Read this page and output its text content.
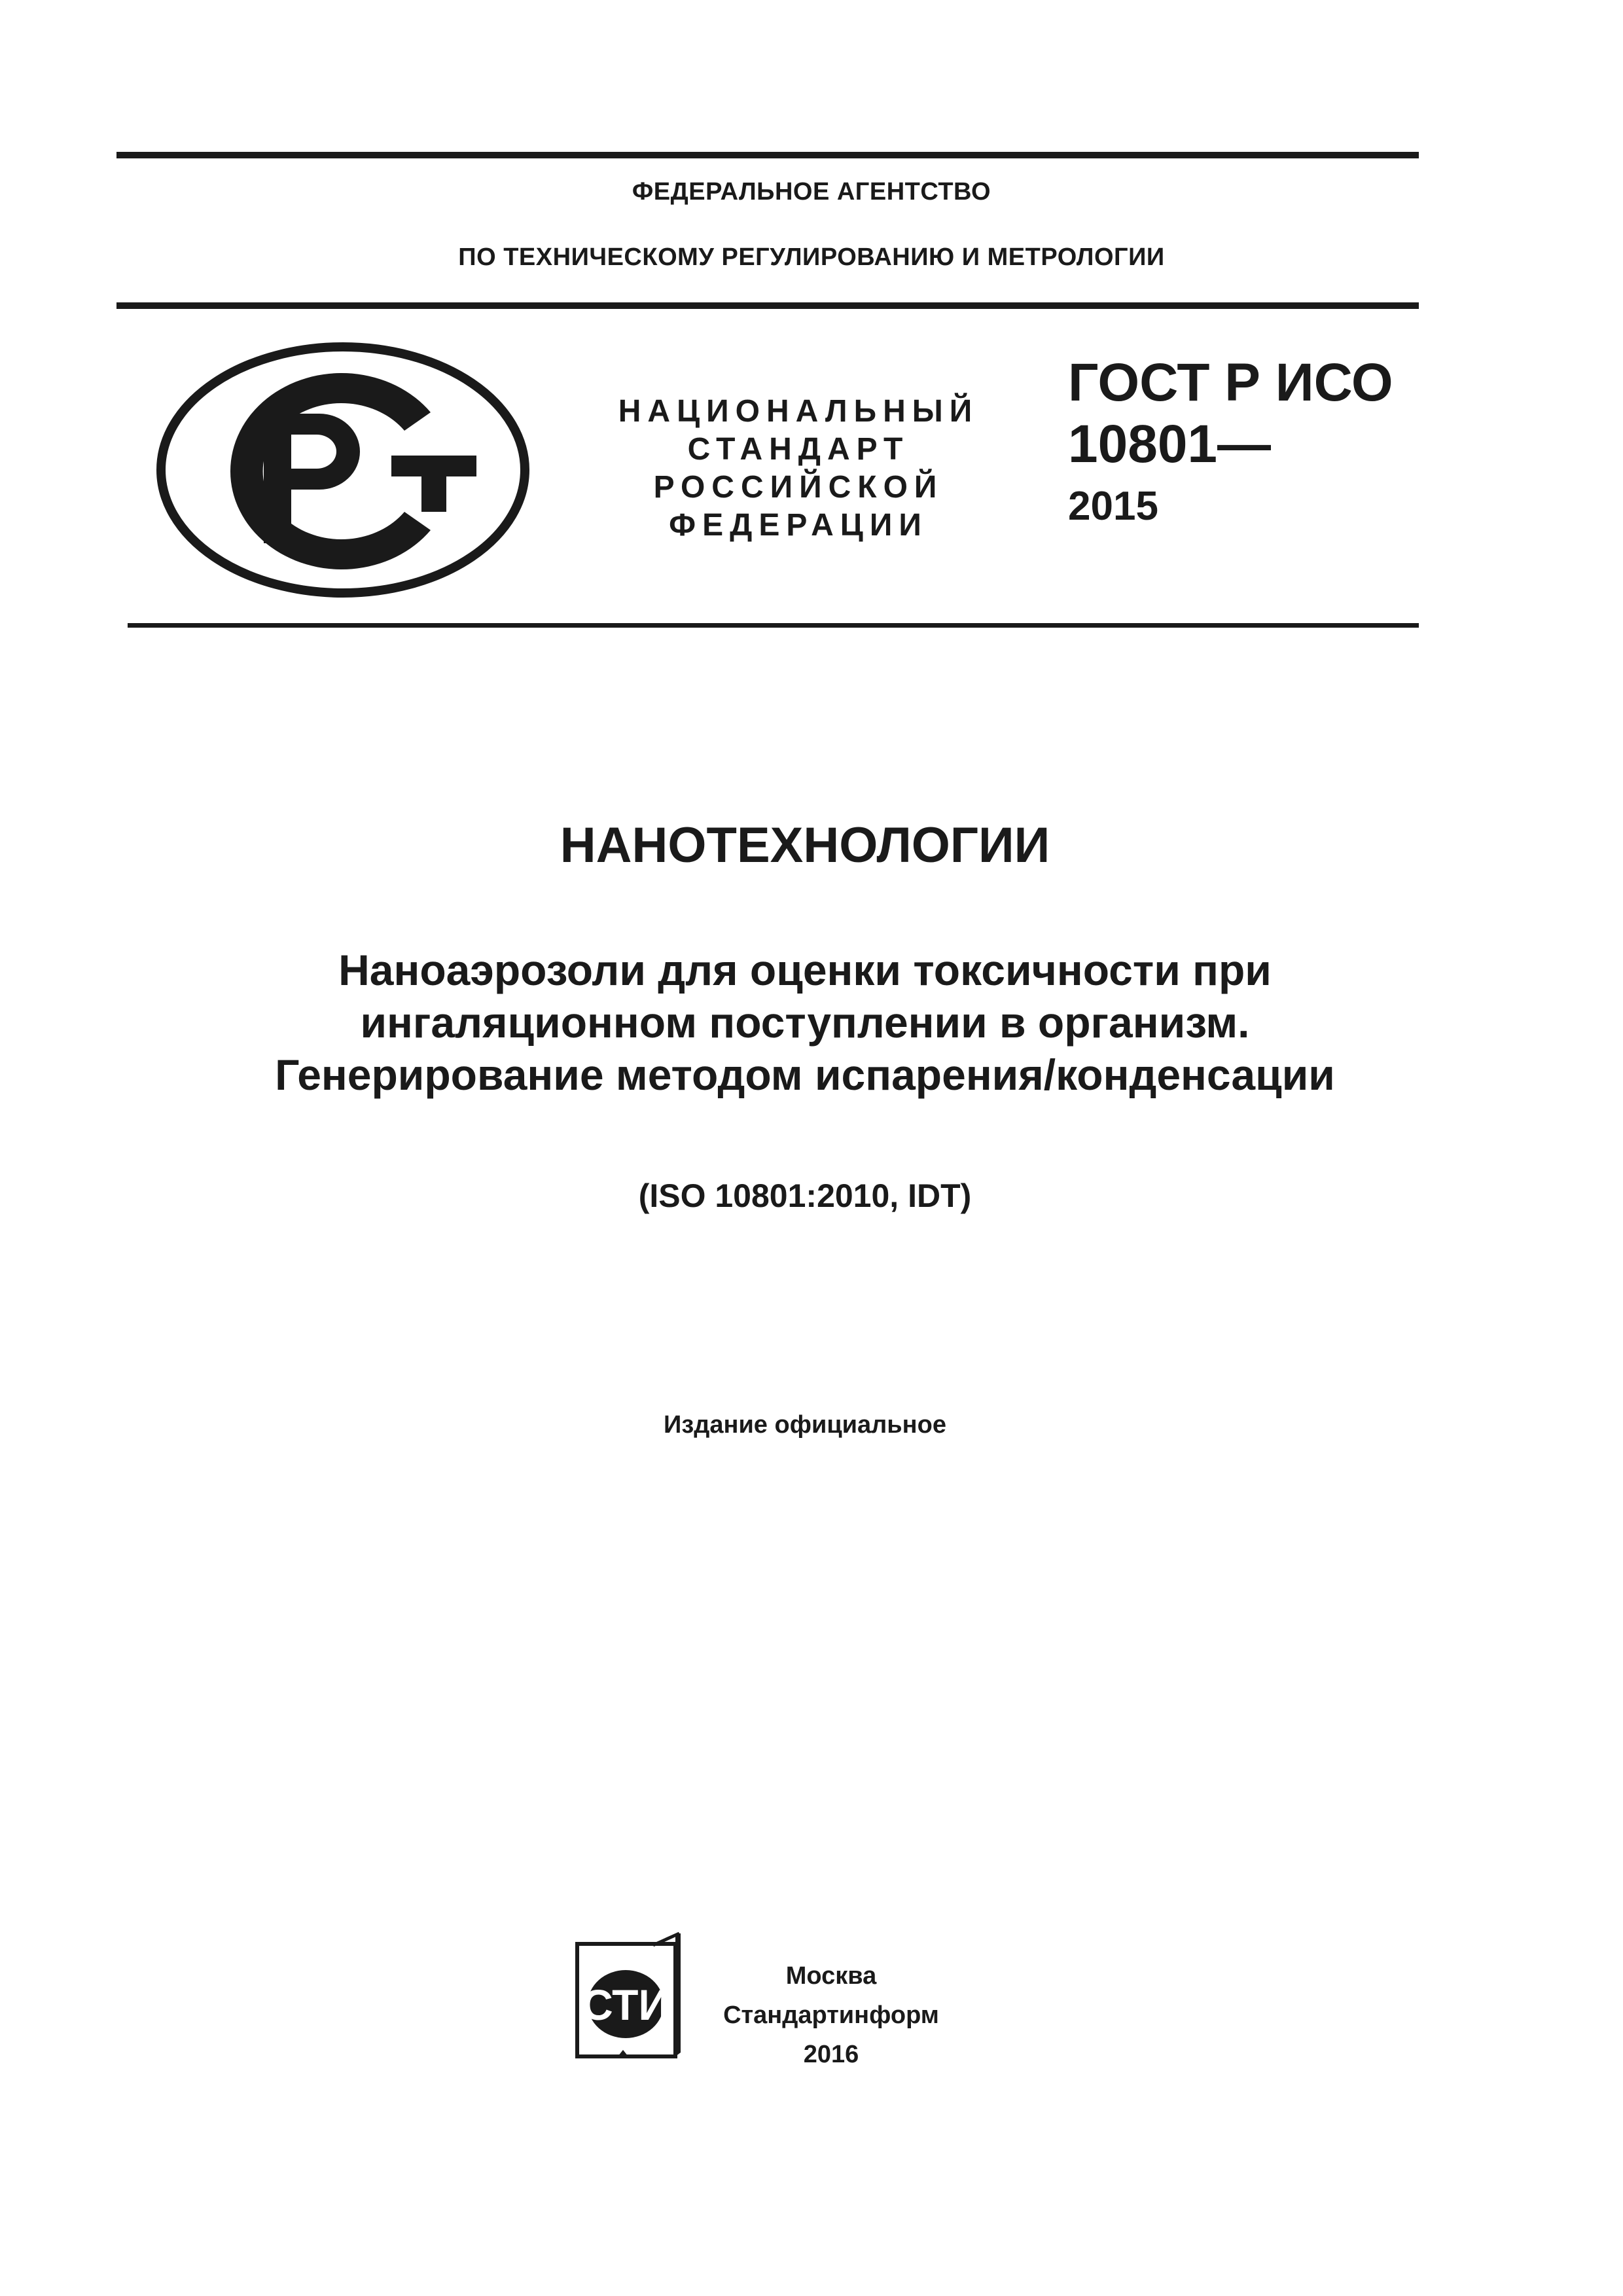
ФЕДЕРАЛЬНОЕ АГЕНТСТВО
ПО ТЕХНИЧЕСКОМУ РЕГУЛИРОВАНИЮ И МЕТРОЛОГИИ
НАЦИОНАЛЬНЫЙ
СТАНДАРТ
РОССИЙСКОЙ
ФЕДЕРАЦИИ
ГОСТ Р ИСО
10801—
2015
НАНОТЕХНОЛОГИИ
Наноаэрозоли для оценки токсичности при
ингаляционном поступлении в организм.
Генерирование методом испарения/конденсации
(ISO 10801:2010, IDT)
Издание официальное
СТИ
Москва
Стандартинформ
2016
